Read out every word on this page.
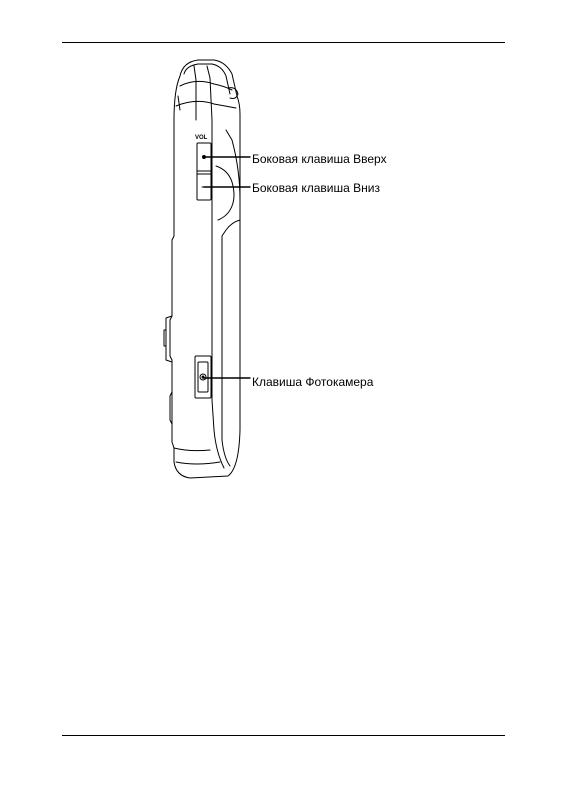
VOL
Боковая клавиша Вверх
Боковая клавиша Вниз
Клавиша Фотокамера
